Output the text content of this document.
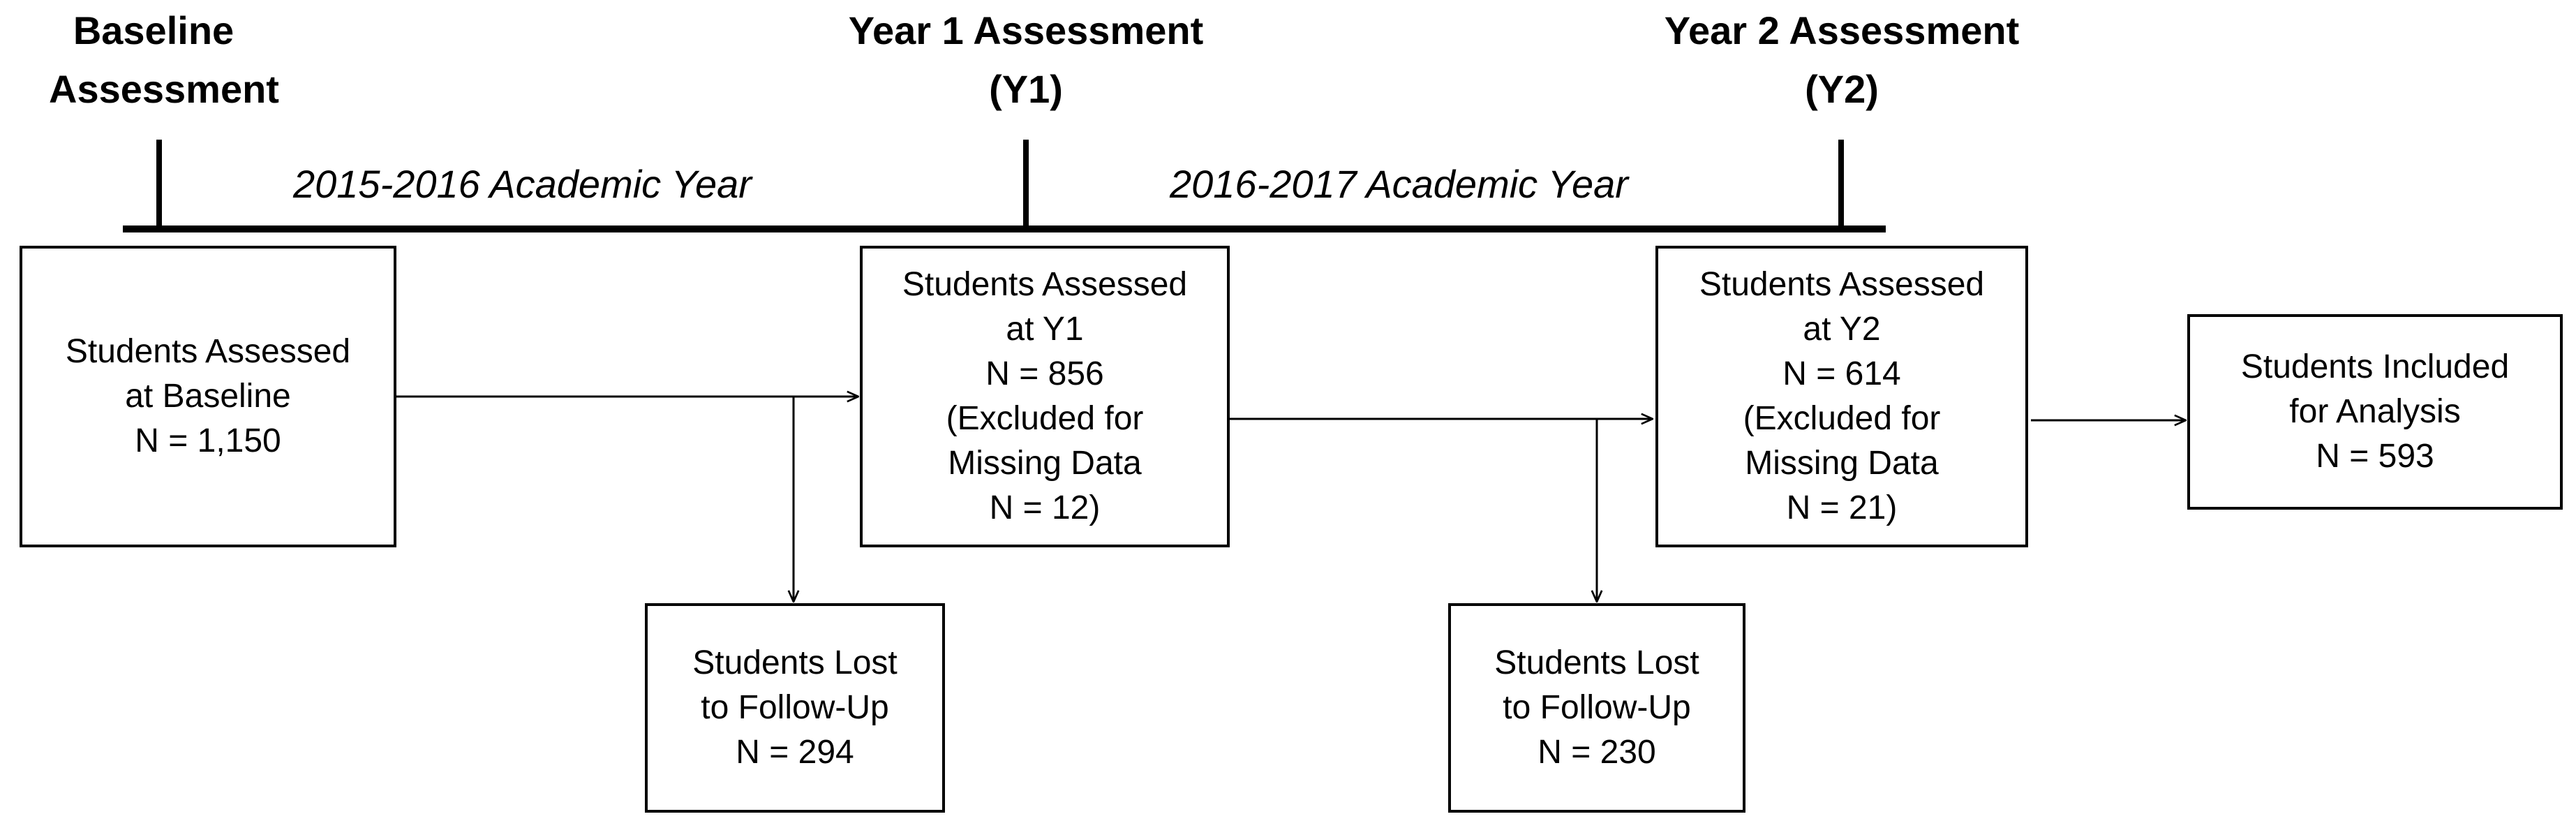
Baseline
Assessment
Year 1 Assessment
(Y1)
Year 2 Assessment
(Y2)
2015-2016 Academic Year	2016-2017 Academic Year
Students Assessed
at Baseline
N = 1,150
Students Assessed
at Y1
N = 856
(Excluded for
Missing Data
N = 12)
Students Assessed
at Y2
N = 614
(Excluded for
Missing Data
N = 21)
Students Included
for Analysis
N = 593
Students Lost
to Follow-Up
N = 294
Students Lost
to Follow-Up
N = 230
